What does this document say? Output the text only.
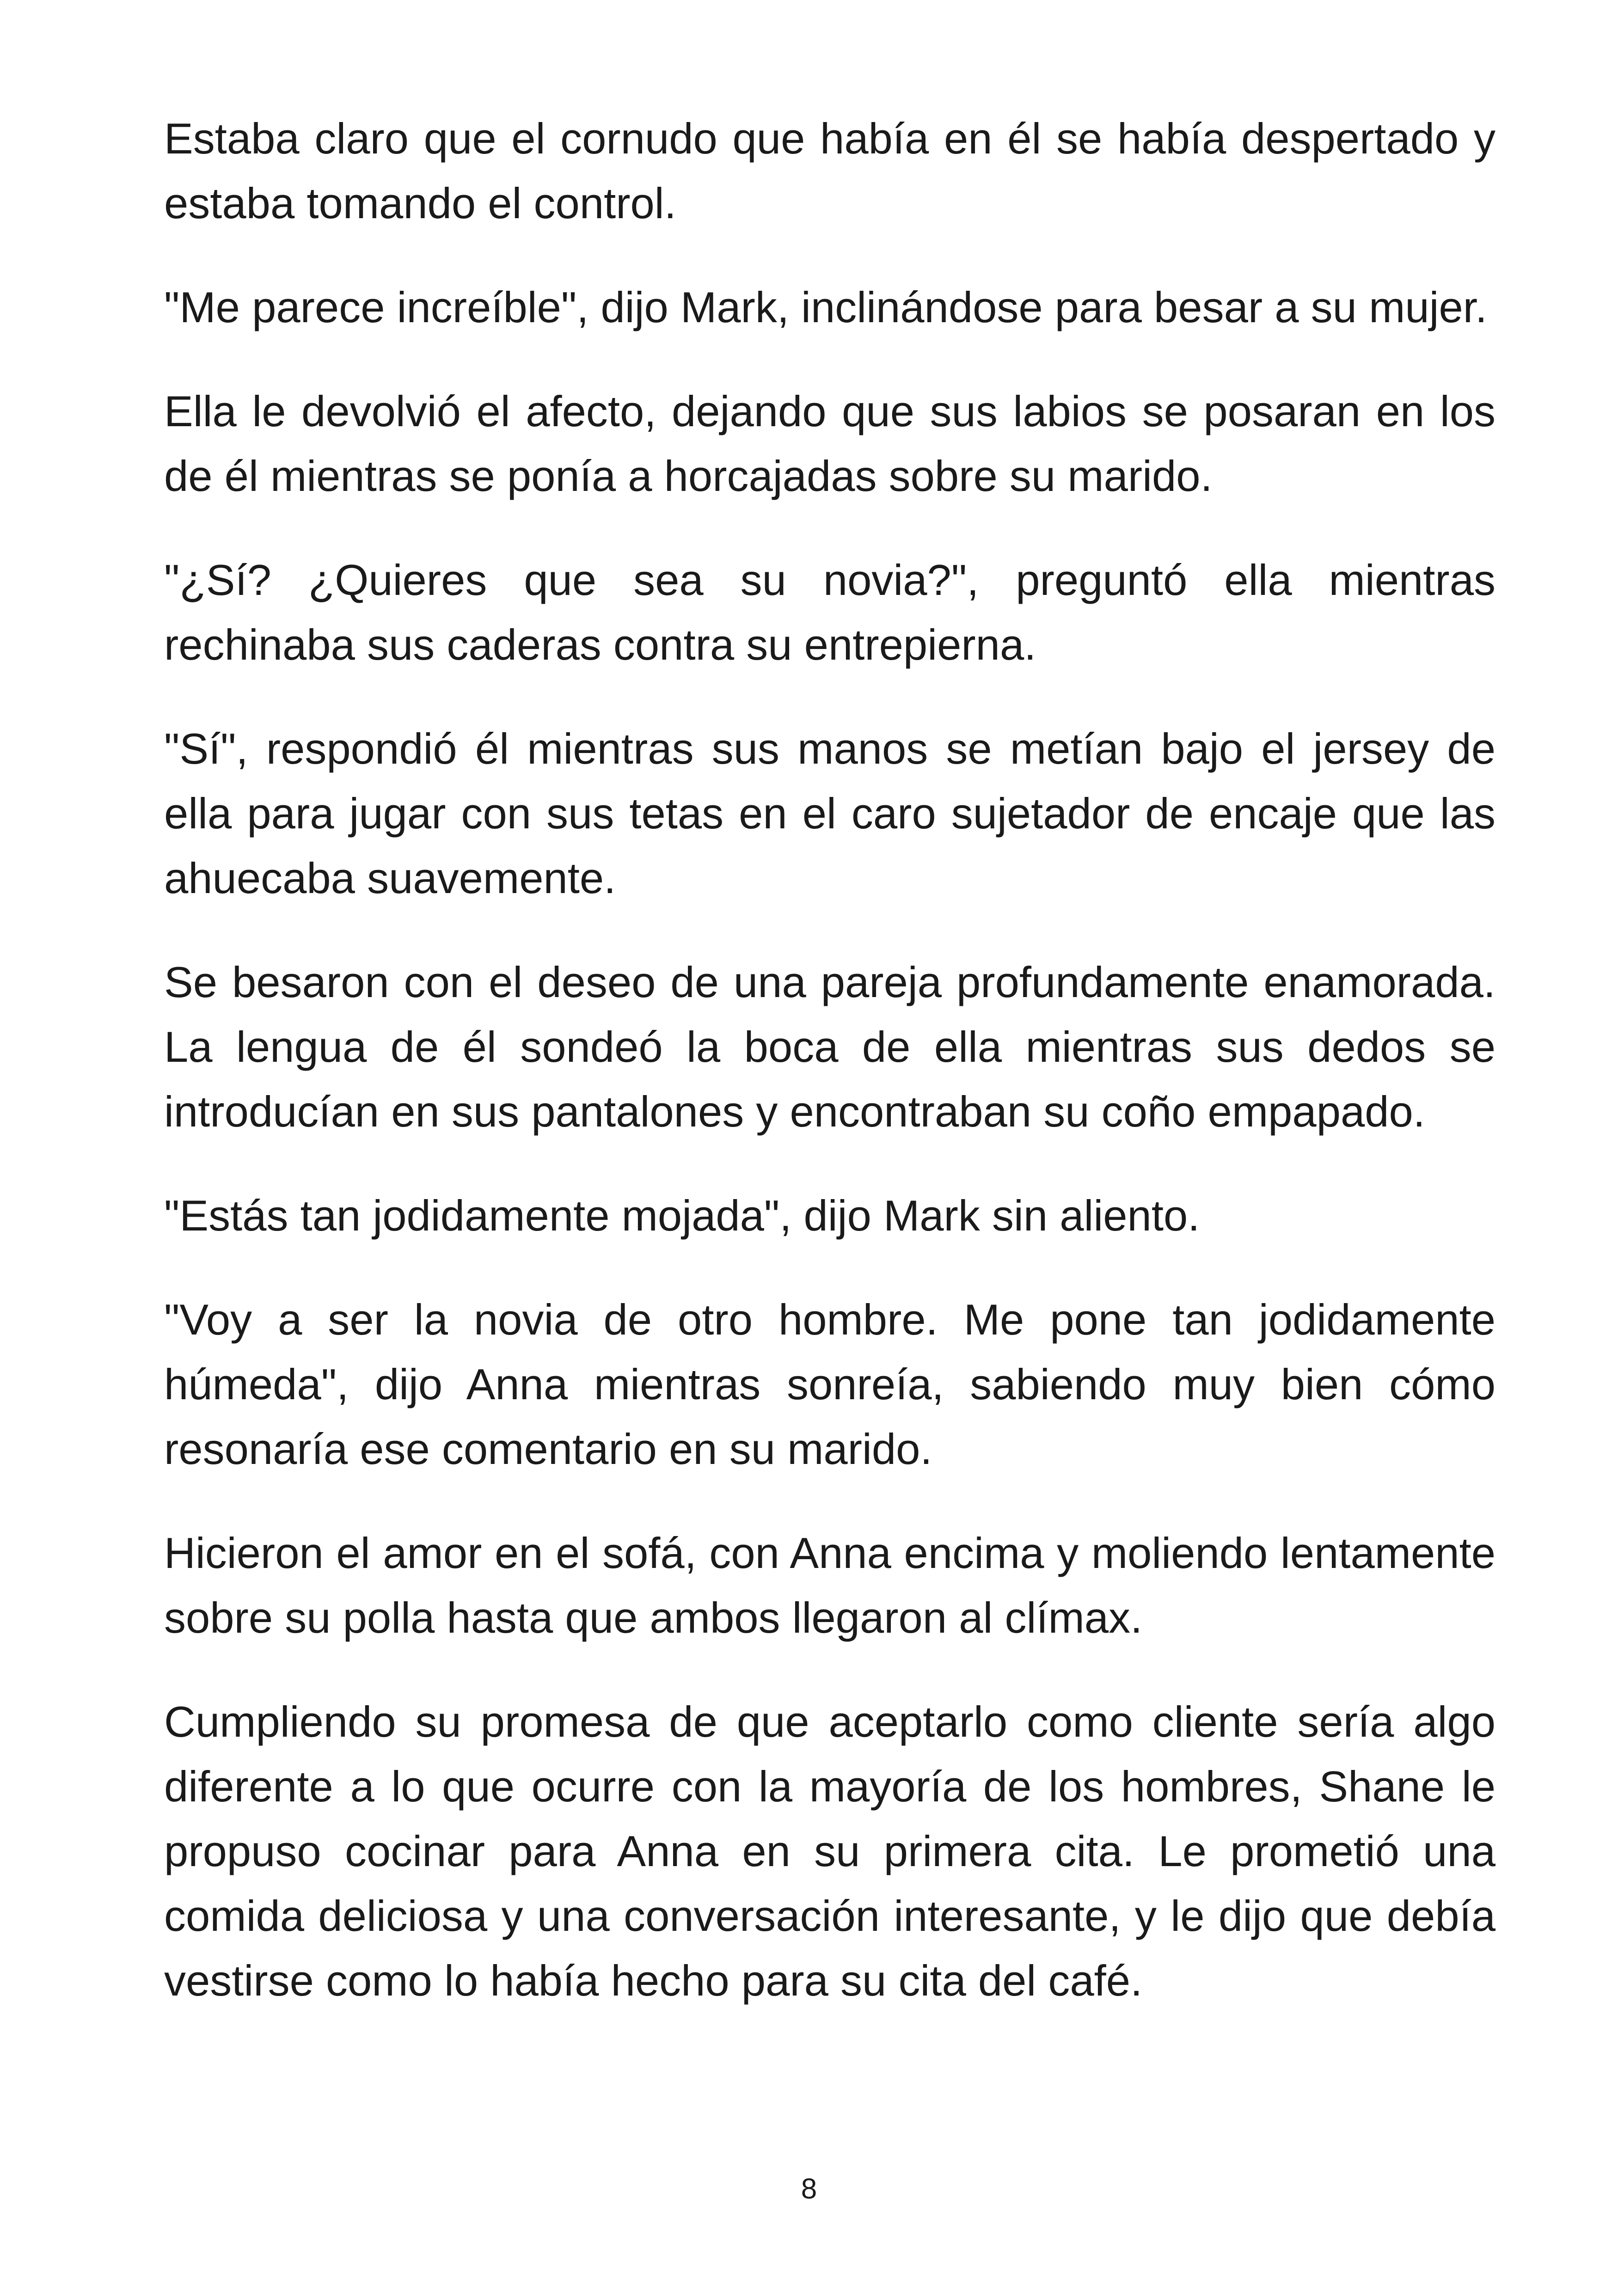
Estaba claro que el cornudo que había en él se había despertado y estaba tomando el control.

"Me parece increíble", dijo Mark, inclinándose para besar a su mujer.

Ella le devolvió el afecto, dejando que sus labios se posaran en los de él mientras se ponía a horcajadas sobre su marido.

"¿Sí? ¿Quieres que sea su novia?", preguntó ella mientras rechinaba sus caderas contra su entrepierna.

"Sí", respondió él mientras sus manos se metían bajo el jersey de ella para jugar con sus tetas en el caro sujetador de encaje que las ahuecaba suavemente.

Se besaron con el deseo de una pareja profundamente enamorada. La lengua de él sondeó la boca de ella mientras sus dedos se introducían en sus pantalones y encontraban su coño empapado.

"Estás tan jodidamente mojada", dijo Mark sin aliento.

"Voy a ser la novia de otro hombre. Me pone tan jodidamente húmeda", dijo Anna mientras sonreía, sabiendo muy bien cómo resonaría ese comentario en su marido.

Hicieron el amor en el sofá, con Anna encima y moliendo lentamente sobre su polla hasta que ambos llegaron al clímax.

Cumpliendo su promesa de que aceptarlo como cliente sería algo diferente a lo que ocurre con la mayoría de los hombres, Shane le propuso cocinar para Anna en su primera cita. Le prometió una comida deliciosa y una conversación interesante, y le dijo que debía vestirse como lo había hecho para su cita del café.

8
